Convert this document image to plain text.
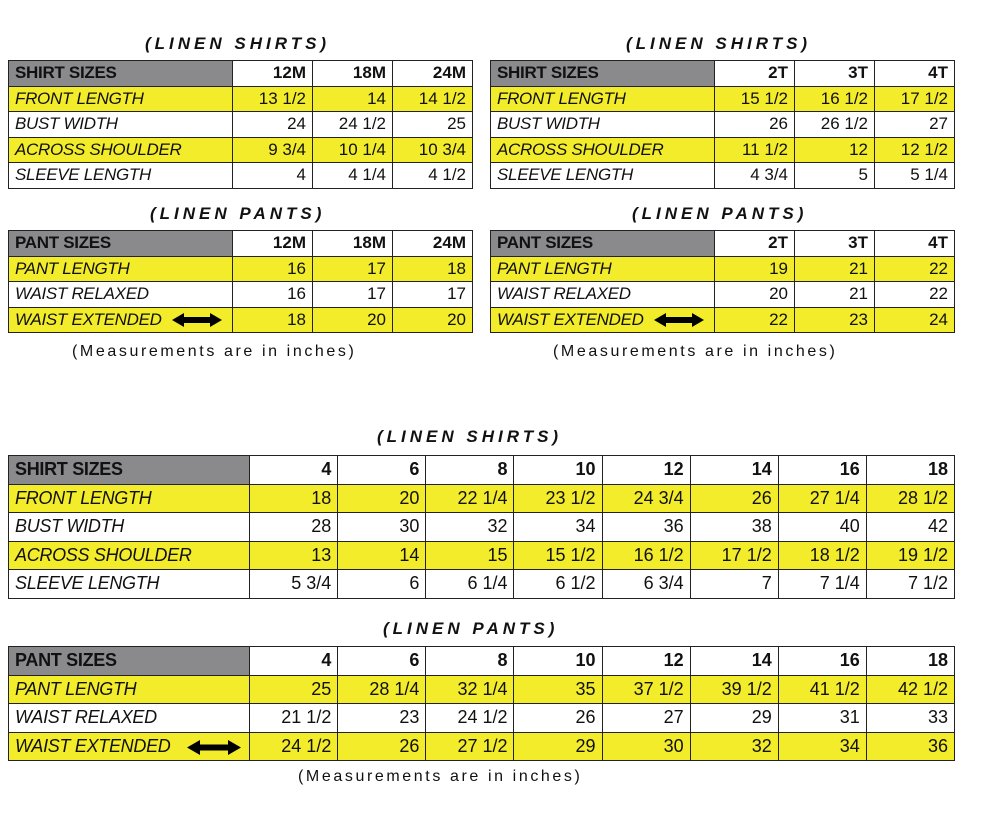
(LINEN SHIRTS)
SHIRT SIZES	12M	18M	24M
FRONT LENGTH	13 1/2	14	14 1/2
BUST WIDTH	24	24 1/2	25
ACROSS SHOULDER	9 3/4	10 1/4	10 3/4
SLEEVE LENGTH	4	4 1/4	4 1/2
(LINEN SHIRTS)
SHIRT SIZES	2T	3T	4T
FRONT LENGTH	15 1/2	16 1/2	17 1/2
BUST WIDTH	26	26 1/2	27
ACROSS SHOULDER	11 1/2	12	12 1/2
SLEEVE LENGTH	4 3/4	5	5 1/4
(LINEN PANTS)
PANT SIZES	12M	18M	24M
PANT LENGTH	16	17	18
WAIST RELAXED	16	17	17
WAIST EXTENDED	18	20	20
(Measurements are in inches)
(LINEN PANTS)
PANT SIZES	2T	3T	4T
PANT LENGTH	19	21	22
WAIST RELAXED	20	21	22
WAIST EXTENDED	22	23	24
(Measurements are in inches)
(LINEN SHIRTS)
SHIRT SIZES	4	6	8	10	12	14	16	18
FRONT LENGTH	18	20	22 1/4	23 1/2	24 3/4	26	27 1/4	28 1/2
BUST WIDTH	28	30	32	34	36	38	40	42
ACROSS SHOULDER	13	14	15	15 1/2	16 1/2	17 1/2	18 1/2	19 1/2
SLEEVE LENGTH	5 3/4	6	6 1/4	6 1/2	6 3/4	7	7 1/4	7 1/2
(LINEN PANTS)
PANT SIZES	4	6	8	10	12	14	16	18
PANT LENGTH	25	28 1/4	32 1/4	35	37 1/2	39 1/2	41 1/2	42 1/2
WAIST RELAXED	21 1/2	23	24 1/2	26	27	29	31	33
WAIST EXTENDED	24 1/2	26	27 1/2	29	30	32	34	36
(Measurements are in inches)
